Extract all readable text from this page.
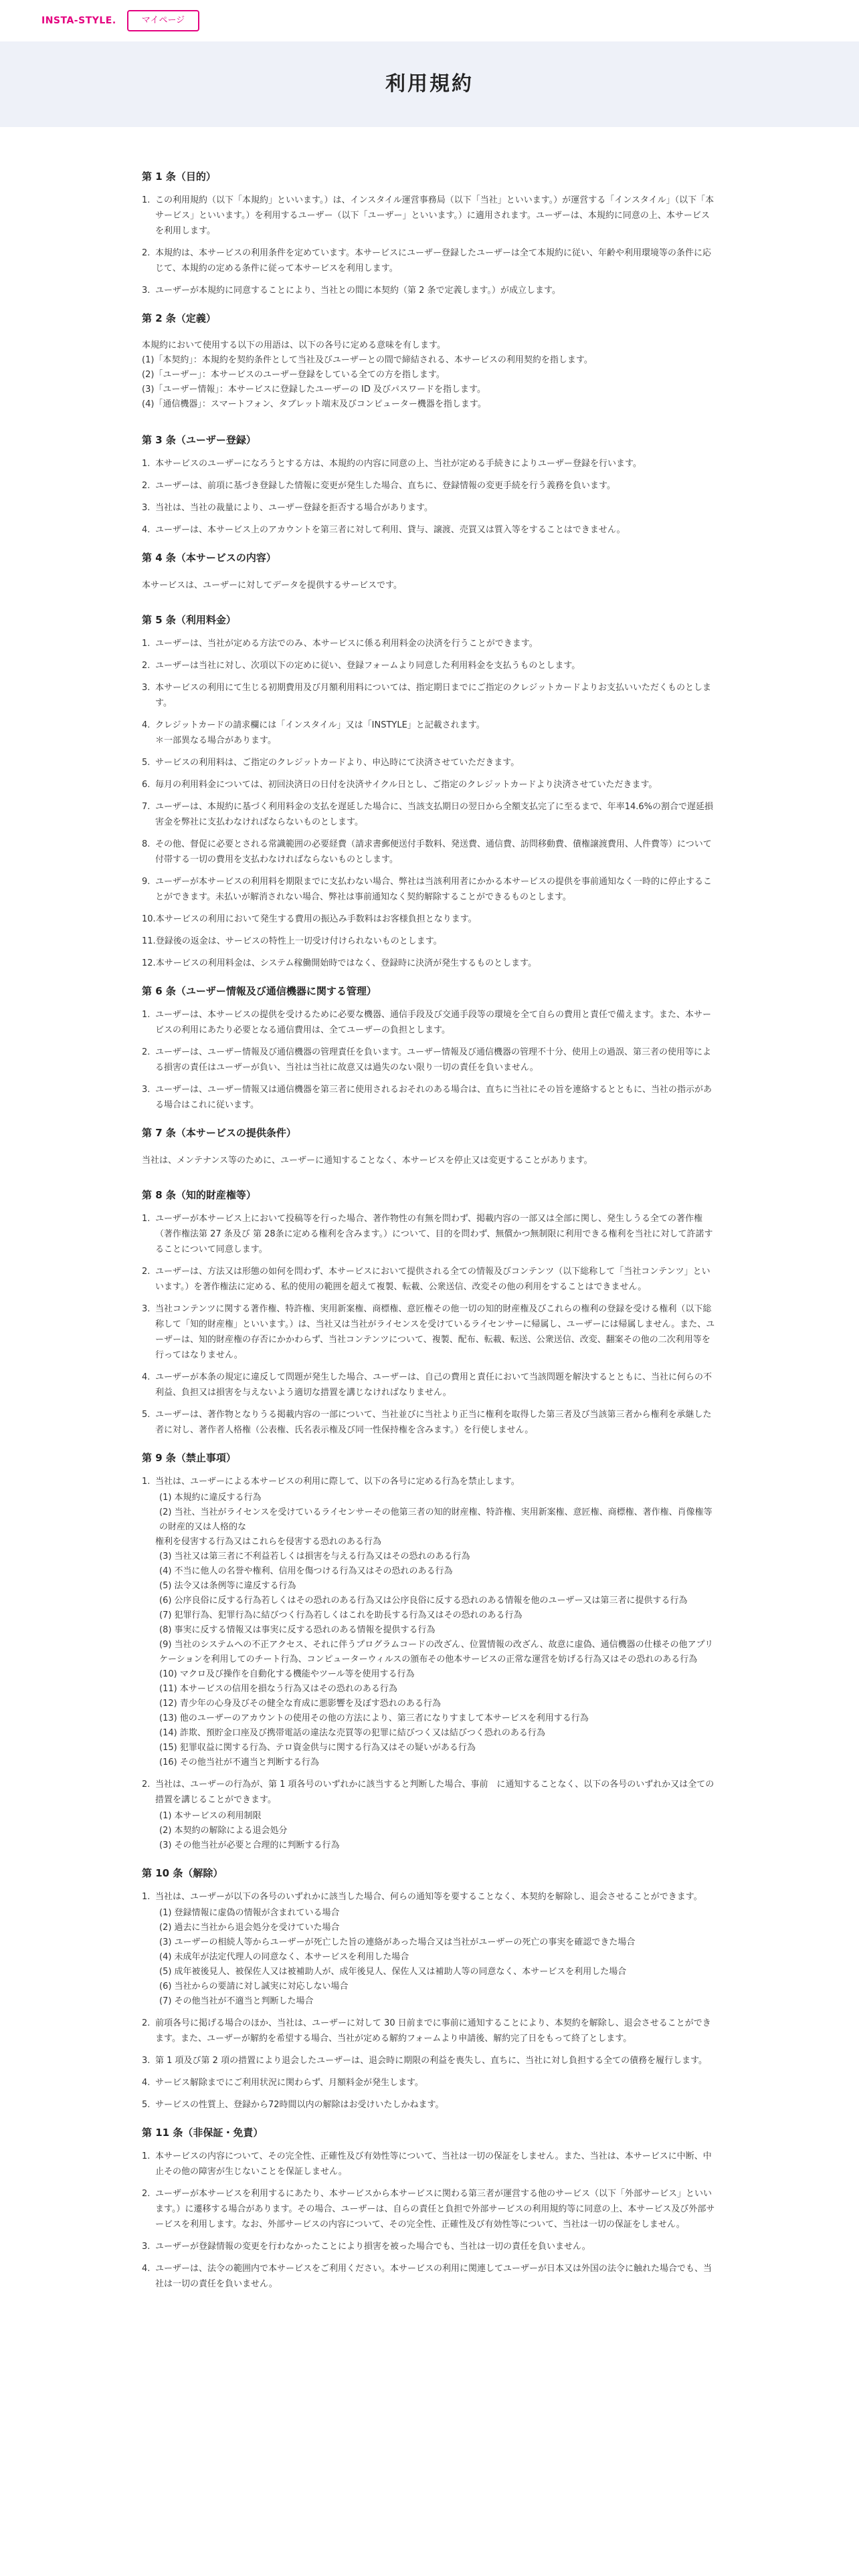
INSTA-STYLE.	マイページ
利用規約
第 1 条（目的）
1. この利用規約（以下「本規約」といいます。）は、インスタイル運営事務局（以下「当社」といいます。）が運営する「インスタイル」（以下「本サービス」といいます。）を利用するユーザー（以下「ユーザー」といいます。）に適用されます。ユーザーは、本規約に同意の上、本サービスを利用します。
2. 本規約は、本サービスの利用条件を定めています。本サービスにユーザー登録したユーザーは全て本規約に従い、年齢や利用環境等の条件に応じて、本規約の定める条件に従って本サービスを利用します。
3. ユーザーが本規約に同意することにより、当社との間に本契約（第 2 条で定義します。）が成立します。
第 2 条（定義）
本規約において使用する以下の用語は、以下の各号に定める意味を有します。
(1)「本契約」：本規約を契約条件として当社及びユーザーとの間で締結される、本サービスの利用契約を指します。
(2)「ユーザー」：本サービスのユーザー登録をしている全ての方を指します。
(3)「ユーザー情報」：本サービスに登録したユーザーの ID 及びパスワードを指します。
(4)「通信機器」：スマートフォン、タブレット端末及びコンピューター機器を指します。
第 3 条（ユーザー登録）
1. 本サービスのユーザーになろうとする方は、本規約の内容に同意の上、当社が定める手続きによりユーザー登録を行います。
2. ユーザーは、前項に基づき登録した情報に変更が発生した場合、直ちに、登録情報の変更手続を行う義務を負います。
3. 当社は、当社の裁量により、ユーザー登録を拒否する場合があります。
4. ユーザーは、本サービス上のアカウントを第三者に対して利用、貸与、譲渡、売買又は質入等をすることはできません。
第 4 条（本サービスの内容）
本サービスは、ユーザーに対してデータを提供するサービスです。
第 5 条（利用料金）
1. ユーザーは、当社が定める方法でのみ、本サービスに係る利用料金の決済を行うことができます。
2. ユーザーは当社に対し、次項以下の定めに従い、登録フォームより同意した利用料金を支払うものとします。
3. 本サービスの利用にて生じる初期費用及び月額利用料については、指定期日までにご指定のクレジットカードよりお支払いいただくものとします。
4. クレジットカードの請求欄には「インスタイル」又は「INSTYLE」と記載されます。
＊一部異なる場合があります。
5. サービスの利用料は、ご指定のクレジットカードより、申込時にて決済させていただきます。
6. 毎月の利用料金については、初回決済日の日付を決済サイクル日とし、ご指定のクレジットカードより決済させていただきます。
7. ユーザーは、本規約に基づく利用料金の支払を遅延した場合に、当該支払期日の翌日から全額支払完了に至るまで、年率14.6%の割合で遅延損害金を弊社に支払わなければならないものとします。
8. その他、督促に必要とされる常識範囲の必要経費（請求書郵便送付手数料、発送費、通信費、訪問移動費、債権譲渡費用、人件費等）について付帯する一切の費用を支払わなければならないものとします。
9. ユーザーが本サービスの利用料を期限までに支払わない場合、弊社は当該利用者にかかる本サービスの提供を事前通知なく一時的に停止することができます。未払いが解消されない場合、弊社は事前通知なく契約解除することができるものとします。
10. 本サービスの利用において発生する費用の振込み手数料はお客様負担となります。
11. 登録後の返金は、サービスの特性上一切受け付けられないものとします。
12. 本サービスの利用料金は、システム稼働開始時ではなく、登録時に決済が発生するものとします。
第 6 条（ユーザー情報及び通信機器に関する管理）
1. ユーザーは、本サービスの提供を受けるために必要な機器、通信手段及び交通手段等の環境を全て自らの費用と責任で備えます。また、本サービスの利用にあたり必要となる通信費用は、全てユーザーの負担とします。
2. ユーザーは、ユーザー情報及び通信機器の管理責任を負います。ユーザー情報及び通信機器の管理不十分、使用上の過誤、第三者の使用等による損害の責任はユーザーが負い、当社は当社に故意又は過失のない限り一切の責任を負いません。
3. ユーザーは、ユーザー情報又は通信機器を第三者に使用されるおそれのある場合は、直ちに当社にその旨を連絡するとともに、当社の指示がある場合はこれに従います。
第 7 条（本サービスの提供条件）
当社は、メンテナンス等のために、ユーザーに通知することなく、本サービスを停止又は変更することがあります。
第 8 条（知的財産権等）
1. ユーザーが本サービス上において投稿等を行った場合、著作物性の有無を問わず、掲載内容の一部又は全部に関し、発生しうる全ての著作権（著作権法第 27 条及び 第 28条に定める権利を含みます。）について、目的を問わず、無償かつ無制限に利用できる権利を当社に対して許諾することについて同意します。
2. ユーザーは、方法又は形態の如何を問わず、本サービスにおいて提供される全ての情報及びコンテンツ（以下総称して「当社コンテンツ」といいます。）を著作権法に定める、私的使用の範囲を超えて複製、転載、公衆送信、改変その他の利用をすることはできません。
3. 当社コンテンツに関する著作権、特許権、実用新案権、商標権、意匠権その他一切の知的財産権及びこれらの権利の登録を受ける権利（以下総称して「知的財産権」といいます。）は、当社又は当社がライセンスを受けているライセンサーに帰属し、ユーザーには帰属しません。また、ユーザーは、知的財産権の存否にかかわらず、当社コンテンツについて、複製、配布、転載、転送、公衆送信、改変、翻案その他の二次利用等を行ってはなりません。
4. ユーザーが本条の規定に違反して問題が発生した場合、ユーザーは、自己の費用と責任において当該問題を解決するとともに、当社に何らの不利益、負担又は損害を与えないよう適切な措置を講じなければなりません。
5. ユーザーは、著作物となりうる掲載内容の一部について、当社並びに当社より正当に権利を取得した第三者及び当該第三者から権利を承継した者に対し、著作者人格権（公表権、氏名表示権及び同一性保持権を含みます。）を行使しません。
第 9 条（禁止事項）
1. 当社は、ユーザーによる本サービスの利用に際して、以下の各号に定める行為を禁止します。
(1) 本規約に違反する行為
(2) 当社、当社がライセンスを受けているライセンサーその他第三者の知的財産権、特許権、実用新案権、意匠権、商標権、著作権、肖像権等の財産的又は人格的な
権利を侵害する行為又はこれらを侵害する恐れのある行為
(3) 当社又は第三者に不利益若しくは損害を与える行為又はその恐れのある行為
(4) 不当に他人の名誉や権利、信用を傷つける行為又はその恐れのある行為
(5) 法令又は条例等に違反する行為
(6) 公序良俗に反する行為若しくはその恐れのある行為又は公序良俗に反する恐れのある情報を他のユーザー又は第三者に提供する行為
(7) 犯罪行為、犯罪行為に結びつく行為若しくはこれを助長する行為又はその恐れのある行為
(8) 事実に反する情報又は事実に反する恐れのある情報を提供する行為
(9) 当社のシステムへの不正アクセス、それに伴うプログラムコードの改ざん、位置情報の改ざん、故意に虚偽、通信機器の仕様その他アプリケーションを利用してのチート行為、コンピューターウィルスの頒布その他本サービスの正常な運営を妨げる行為又はその恐れのある行為
(10) マクロ及び操作を自動化する機能やツール等を使用する行為
(11) 本サービスの信用を損なう行為又はその恐れのある行為
(12) 青少年の心身及びその健全な育成に悪影響を及ぼす恐れのある行為
(13) 他のユーザーのアカウントの使用その他の方法により、第三者になりすまして本サービスを利用する行為
(14) 詐欺、預貯金口座及び携帯電話の違法な売買等の犯罪に結びつく又は結びつく恐れのある行為
(15) 犯罪収益に関する行為、テロ資金供与に関する行為又はその疑いがある行為
(16) その他当社が不適当と判断する行為
2. 当社は、ユーザーの行為が、第 1 項各号のいずれかに該当すると判断した場合、事前　に通知することなく、以下の各号のいずれか又は全ての措置を講じることができます。
(1) 本サービスの利用制限
(2) 本契約の解除による退会処分
(3) その他当社が必要と合理的に判断する行為
第 10 条（解除）
1. 当社は、ユーザーが以下の各号のいずれかに該当した場合、何らの通知等を要することなく、本契約を解除し、退会させることができます。
(1) 登録情報に虚偽の情報が含まれている場合
(2) 過去に当社から退会処分を受けていた場合
(3) ユーザーの相続人等からユーザーが死亡した旨の連絡があった場合又は当社がユーザーの死亡の事実を確認できた場合
(4) 未成年が法定代理人の同意なく、本サービスを利用した場合
(5) 成年被後見人、被保佐人又は被補助人が、成年後見人、保佐人又は補助人等の同意なく、本サービスを利用した場合
(6) 当社からの要請に対し誠実に対応しない場合
(7) その他当社が不適当と判断した場合
2. 前項各号に掲げる場合のほか、当社は、ユーザーに対して 30 日前までに事前に通知することにより、本契約を解除し、退会させることができます。また、ユーザーが解約を希望する場合、当社が定める解約フォームより申請後、解約完了日をもって終了とします。
3. 第 1 項及び第 2 項の措置により退会したユーザーは、退会時に期限の利益を喪失し、直ちに、当社に対し負担する全ての債務を履行します。
4. サービス解除までにご利用状況に関わらず、月額料金が発生します。
5. サービスの性質上、登録から72時間以内の解除はお受けいたしかねます。
第 11 条（非保証・免責）
1. 本サービスの内容について、その完全性、正確性及び有効性等について、当社は一切の保証をしません。また、当社は、本サービスに中断、中止その他の障害が生じないことを保証しません。
2. ユーザーが本サービスを利用するにあたり、本サービスから本サービスに関わる第三者が運営する他のサービス（以下「外部サービス」といいます。）に遷移する場合があります。その場合、ユーザーは、自らの責任と負担で外部サービスの利用規約等に同意の上、本サービス及び外部サービスを利用します。なお、外部サービスの内容について、その完全性、正確性及び有効性等について、当社は一切の保証をしません。
3. ユーザーが登録情報の変更を行わなかったことにより損害を被った場合でも、当社は一切の責任を負いません。
4. ユーザーは、法令の範囲内で本サービスをご利用ください。本サービスの利用に関連してユーザーが日本又は外国の法令に触れた場合でも、当社は一切の責任を負いません。
